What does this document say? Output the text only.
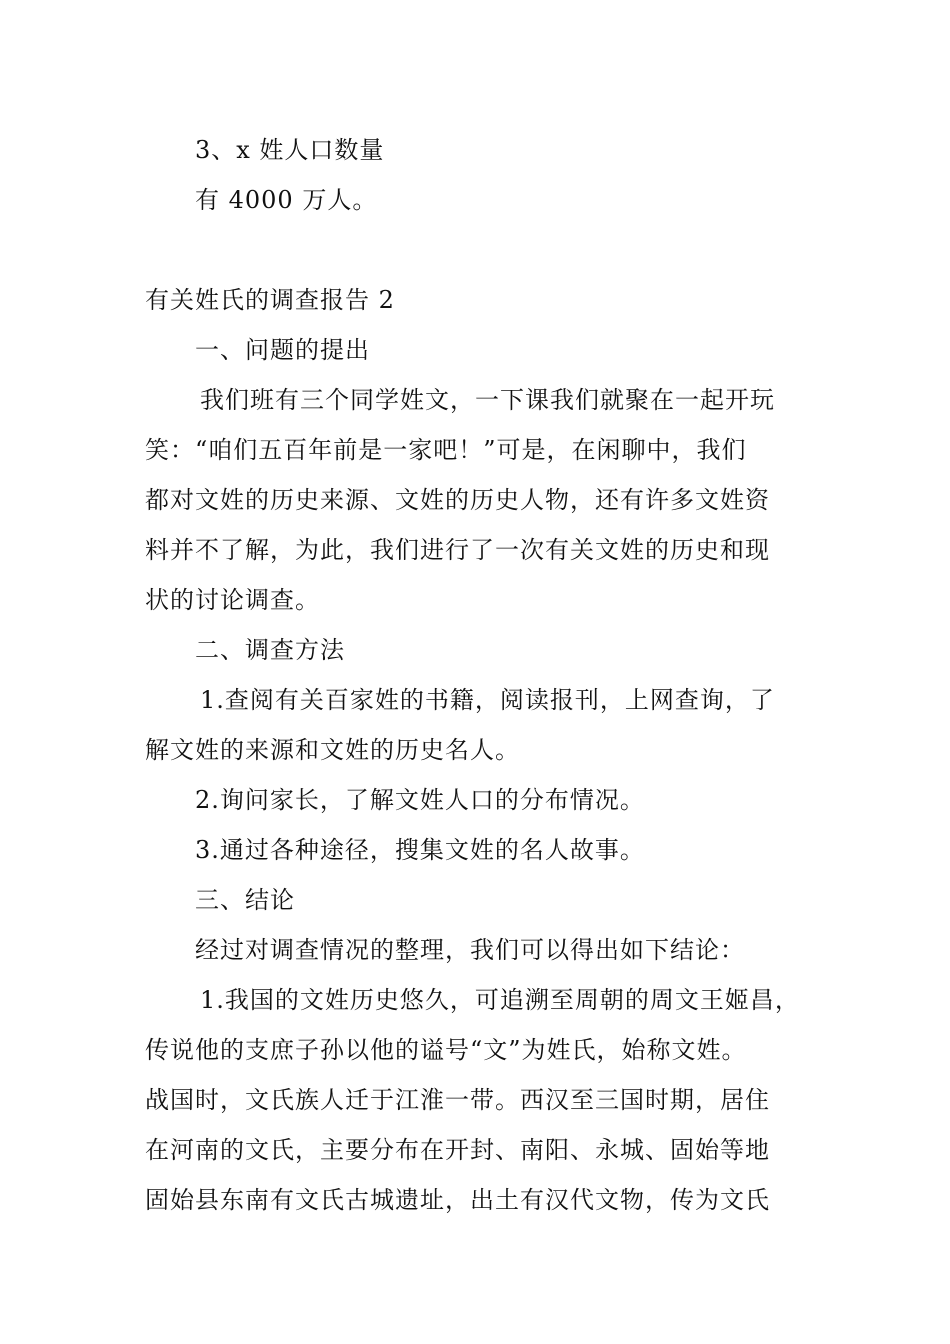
3、x 姓人口数量
有 4000 万人。
有关姓氏的调查报告 2
一、问题的提出
我们班有三个同学姓文，一下课我们就聚在一起开玩
笑：“咱们五百年前是一家吧！”可是，在闲聊中，我们
都对文姓的历史来源、文姓的历史人物，还有许多文姓资
料并不了解，为此，我们进行了一次有关文姓的历史和现
状的讨论调查。
二、调查方法
1.查阅有关百家姓的书籍，阅读报刊，上网查询，了
解文姓的来源和文姓的历史名人。
2.询问家长，了解文姓人口的分布情况。
3.通过各种途径，搜集文姓的名人故事。
三、结论
经过对调查情况的整理，我们可以得出如下结论：
1.我国的文姓历史悠久，可追溯至周朝的周文王姬昌，
传说他的支庶子孙以他的谥号“文”为姓氏，始称文姓。
战国时，文氏族人迁于江淮一带。西汉至三国时期，居住
在河南的文氏，主要分布在开封、南阳、永城、固始等地
固始县东南有文氏古城遗址，出土有汉代文物，传为文氏
